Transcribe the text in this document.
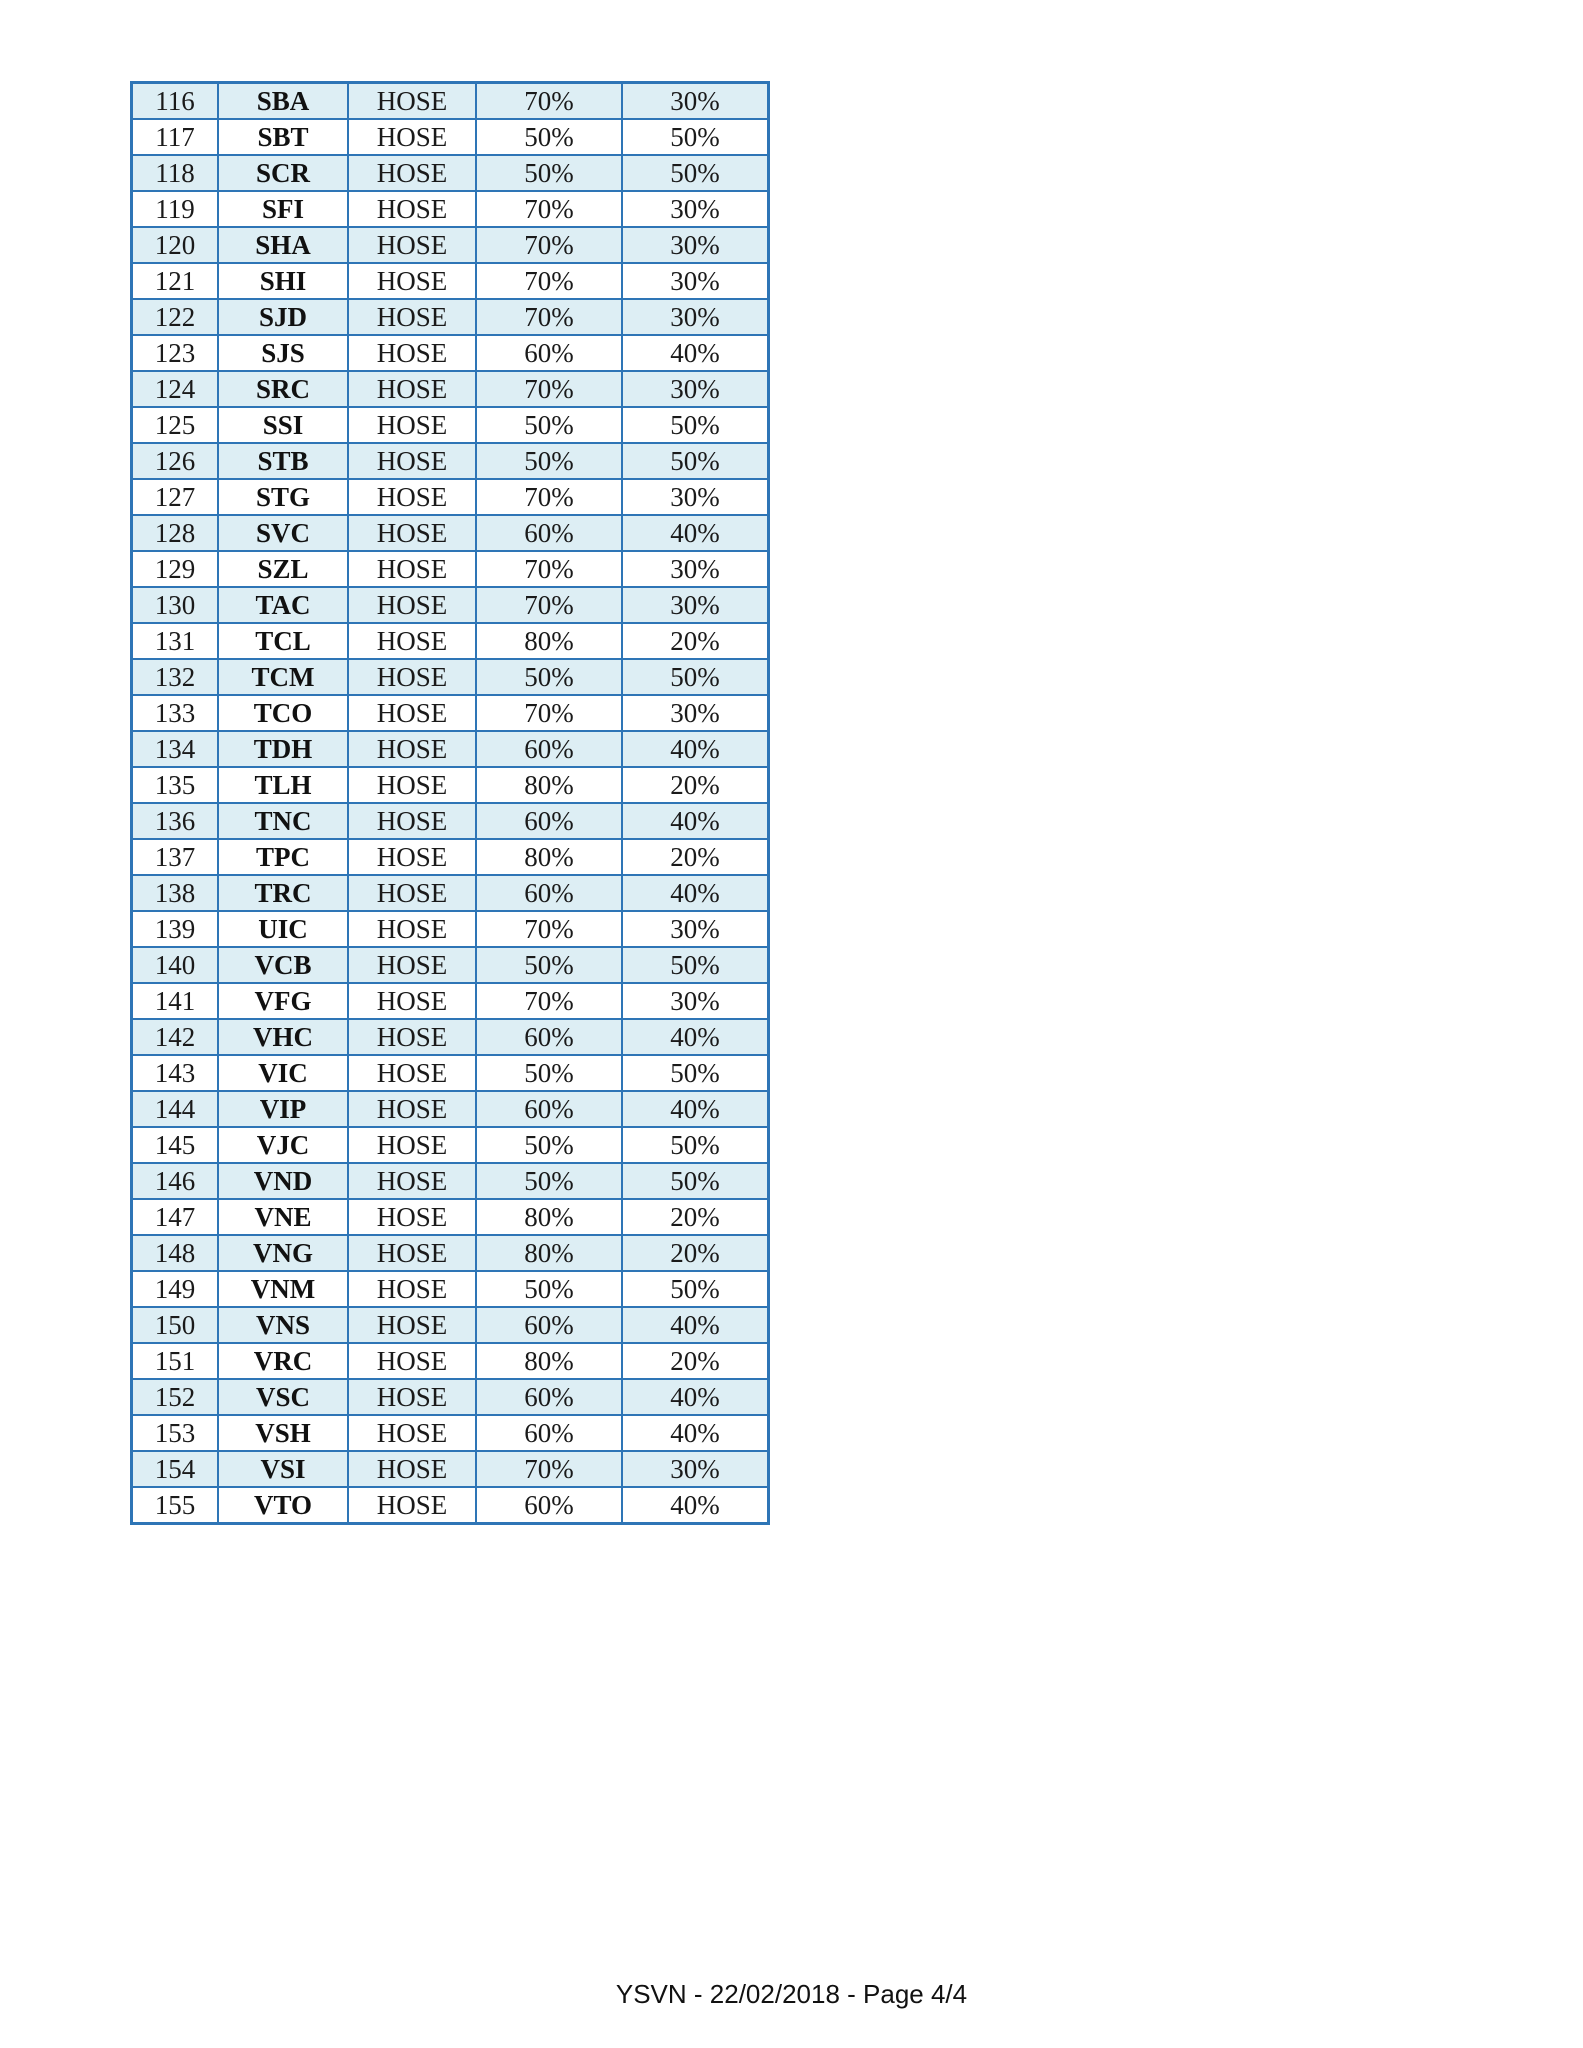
116	SBA	HOSE	70%	30%
117	SBT	HOSE	50%	50%
118	SCR	HOSE	50%	50%
119	SFI	HOSE	70%	30%
120	SHA	HOSE	70%	30%
121	SHI	HOSE	70%	30%
122	SJD	HOSE	70%	30%
123	SJS	HOSE	60%	40%
124	SRC	HOSE	70%	30%
125	SSI	HOSE	50%	50%
126	STB	HOSE	50%	50%
127	STG	HOSE	70%	30%
128	SVC	HOSE	60%	40%
129	SZL	HOSE	70%	30%
130	TAC	HOSE	70%	30%
131	TCL	HOSE	80%	20%
132	TCM	HOSE	50%	50%
133	TCO	HOSE	70%	30%
134	TDH	HOSE	60%	40%
135	TLH	HOSE	80%	20%
136	TNC	HOSE	60%	40%
137	TPC	HOSE	80%	20%
138	TRC	HOSE	60%	40%
139	UIC	HOSE	70%	30%
140	VCB	HOSE	50%	50%
141	VFG	HOSE	70%	30%
142	VHC	HOSE	60%	40%
143	VIC	HOSE	50%	50%
144	VIP	HOSE	60%	40%
145	VJC	HOSE	50%	50%
146	VND	HOSE	50%	50%
147	VNE	HOSE	80%	20%
148	VNG	HOSE	80%	20%
149	VNM	HOSE	50%	50%
150	VNS	HOSE	60%	40%
151	VRC	HOSE	80%	20%
152	VSC	HOSE	60%	40%
153	VSH	HOSE	60%	40%
154	VSI	HOSE	70%	30%
155	VTO	HOSE	60%	40%
YSVN - 22/02/2018 - Page 4/4
